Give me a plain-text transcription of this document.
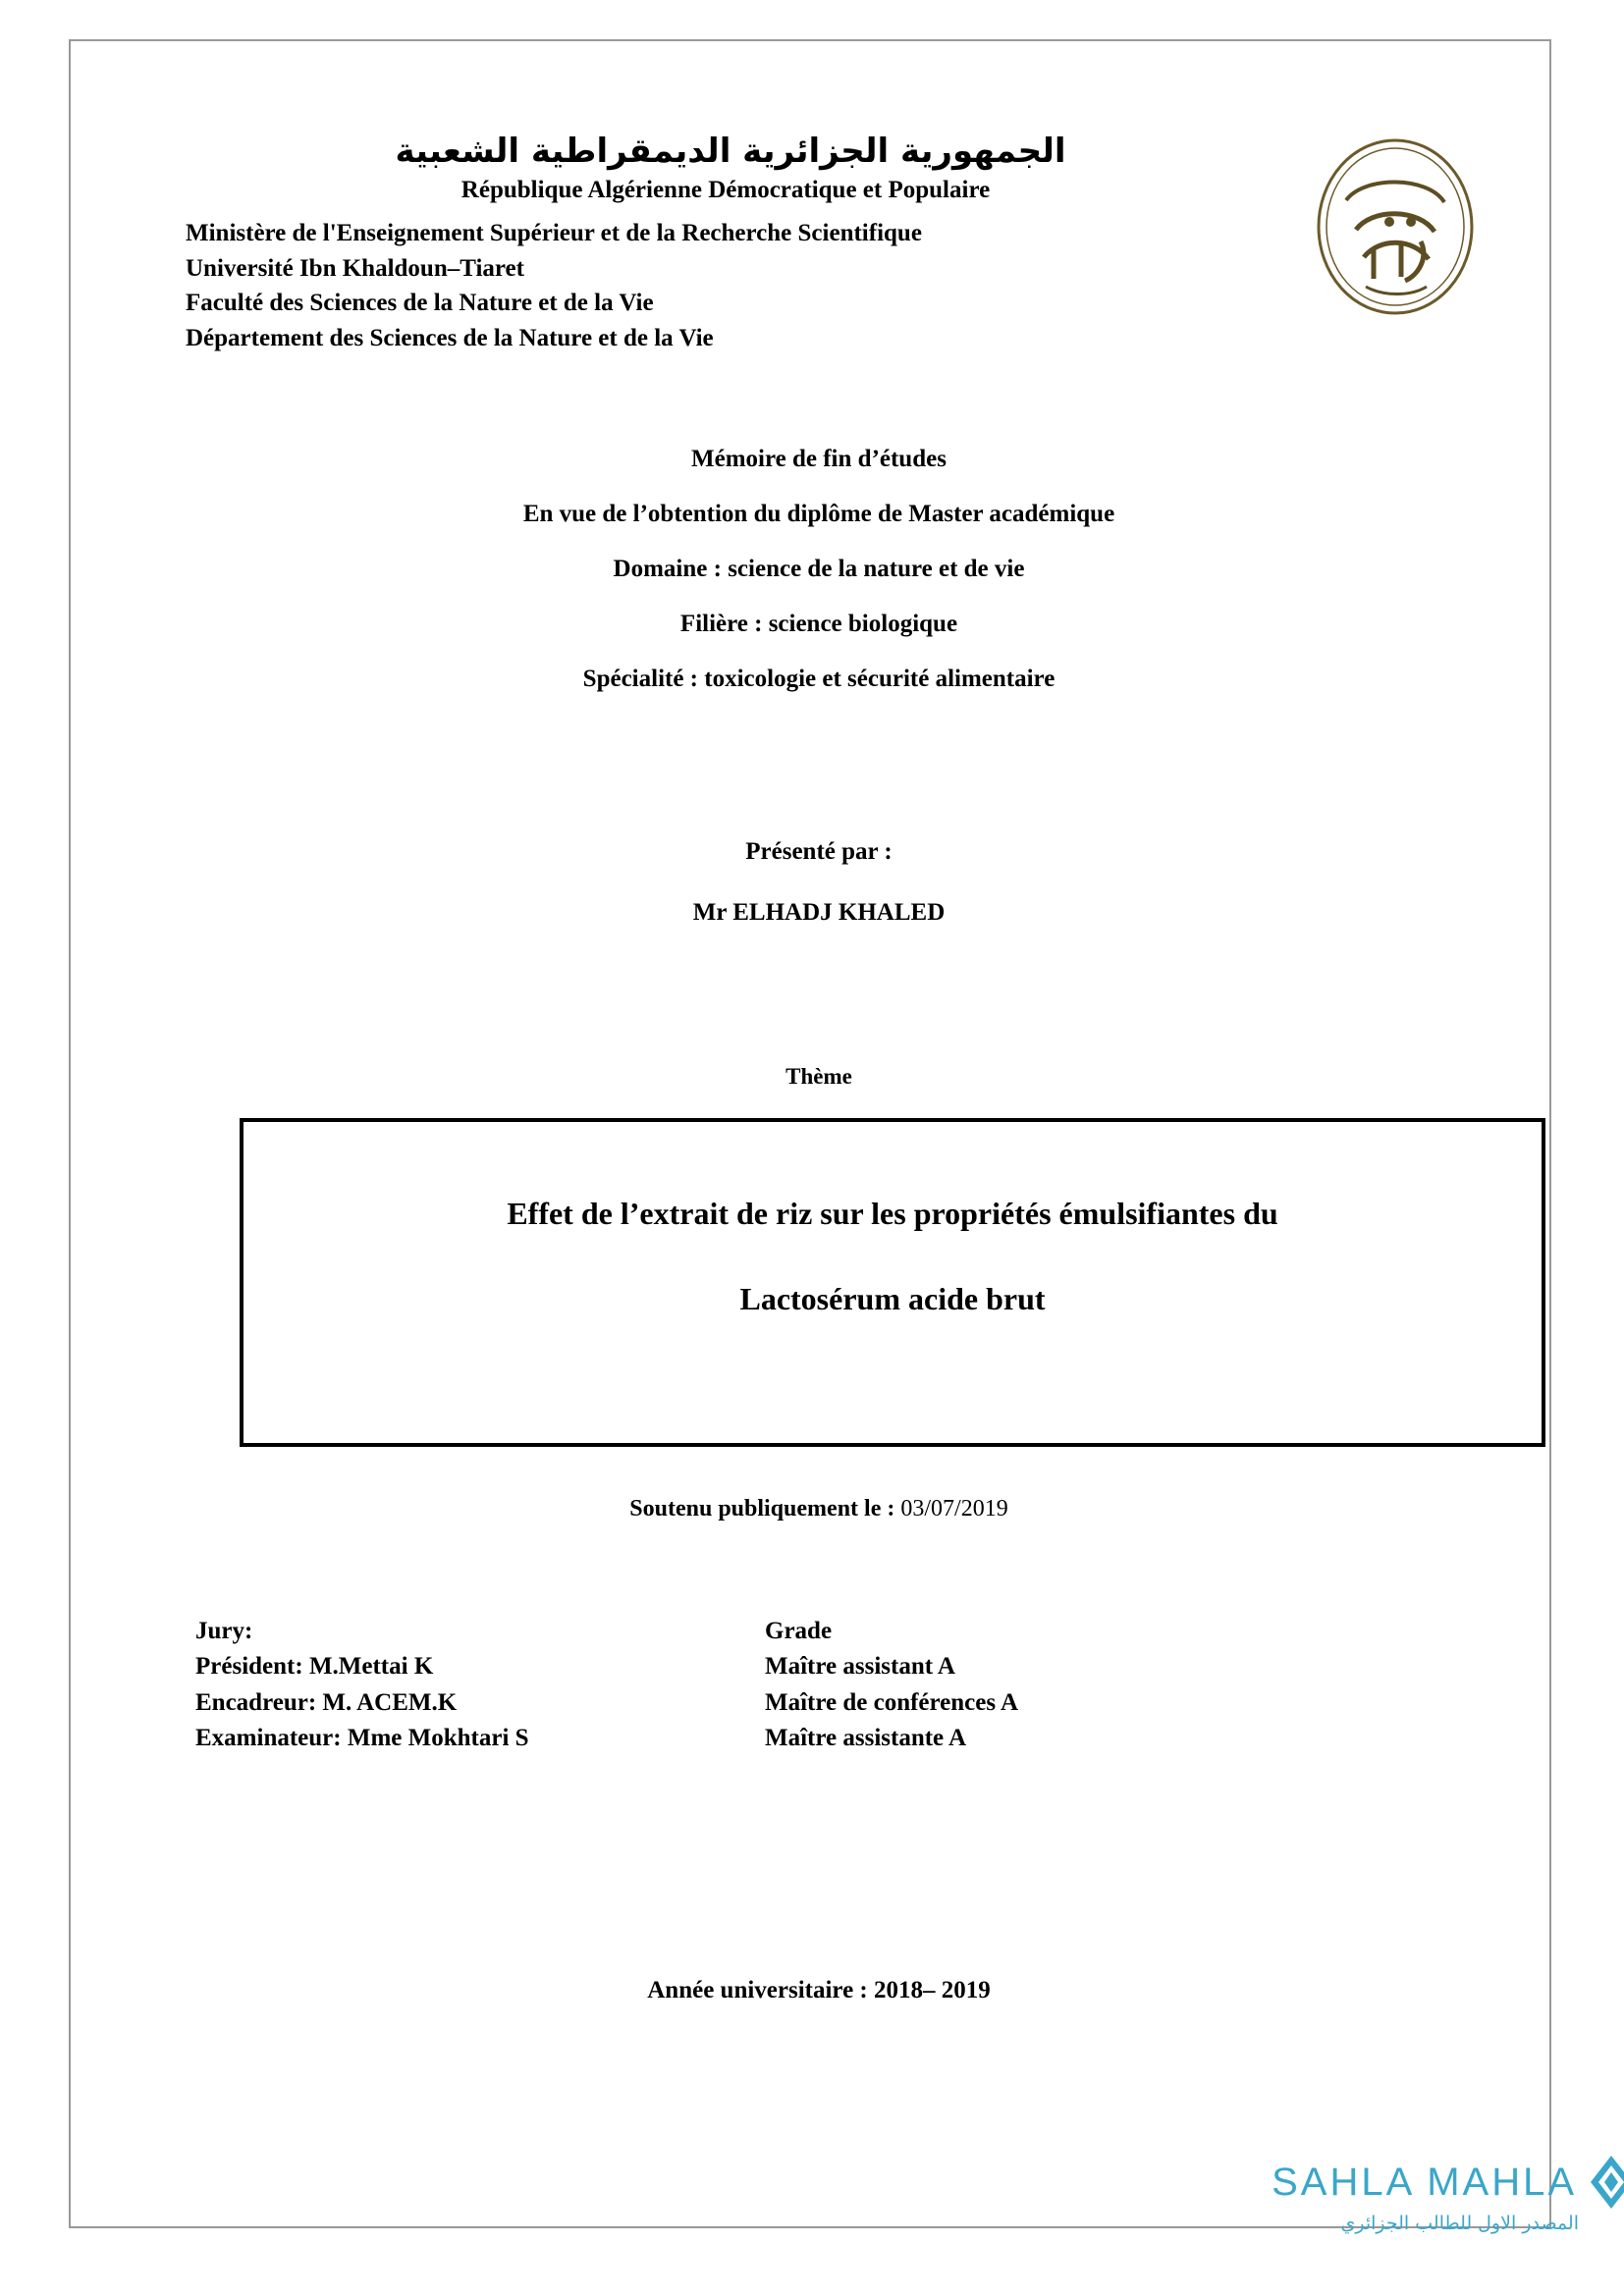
الجمهورية الجزائرية الديمقراطية الشعبية
République Algérienne Démocratique et Populaire
Ministère de l'Enseignement Supérieur et de la Recherche Scientifique
Université Ibn Khaldoun–Tiaret
Faculté des Sciences de la Nature et de la Vie
Département des Sciences de la Nature et de la Vie
Mémoire de fin d’études
En vue de l’obtention du diplôme de Master académique
Domaine : science de la nature et de vie
Filière : science biologique
Spécialité : toxicologie et sécurité alimentaire
Présenté par :
Mr ELHADJ KHALED
Thème
Effet de l’extrait de riz sur les propriétés émulsifiantes du
Lactosérum acide brut
Soutenu publiquement le : 03/07/2019
Jury:	Grade
Président: M.Mettai K	Maître assistant A
Encadreur: M. ACEM.K	Maître de conférences A
Examinateur: Mme Mokhtari S	Maître assistante A
Année universitaire : 2018– 2019
SAHLA MAHLA
المصدر الاول للطالب الجزائري
